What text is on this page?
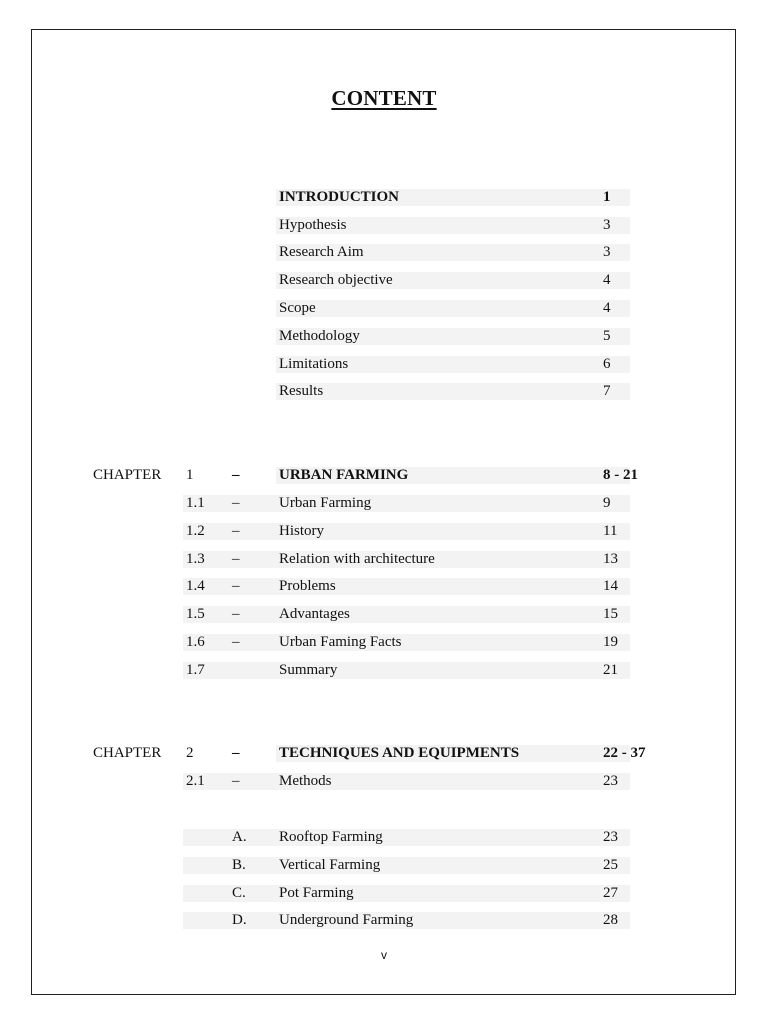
CONTENT
INTRODUCTION	1
Hypothesis	3
Research Aim	3
Research objective	4
Scope	4
Methodology	5
Limitations	6
Results	7
CHAPTER 1	–	URBAN FARMING	8 - 21
1.1 –	Urban Farming	9
1.2 –	History	11
1.3 –	Relation with architecture	13
1.4 –	Problems	14
1.5 –	Advantages	15
1.6 –	Urban Faming Facts	19
1.7	Summary	21
CHAPTER 2	–	TECHNIQUES AND EQUIPMENTS	22 - 37
2.1 –	Methods	23
A. Rooftop Farming	23
B. Vertical Farming	25
C. Pot Farming	27
D. Underground Farming	28
v
